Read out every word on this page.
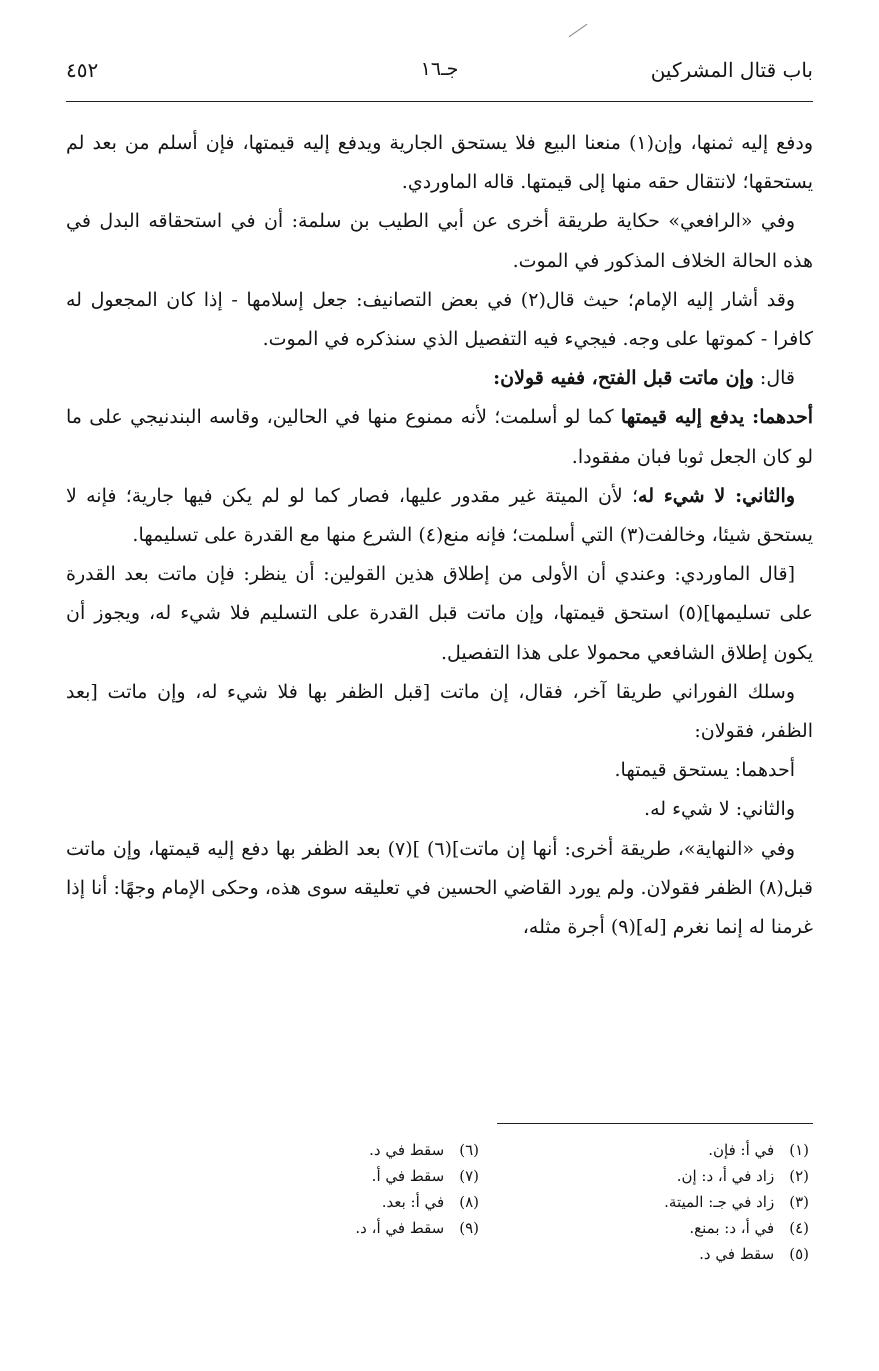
باب قتال المشركين
جـ١٦
٤٥٢

ودفع إليه ثمنها، وإن(١) منعنا البيع فلا يستحق الجارية ويدفع إليه قيمتها، فإن أسلم من بعد لم يستحقها؛ لانتقال حقه منها إلى قيمتها. قاله الماوردي.

وفي «الرافعي» حكاية طريقة أخرى عن أبي الطيب بن سلمة: أن في استحقاقه البدل في هذه الحالة الخلاف المذكور في الموت.

وقد أشار إليه الإمام؛ حيث قال(٢) في بعض التصانيف: جعل إسلامها - إذا كان المجعول له كافرا - كموتها على وجه. فيجيء فيه التفصيل الذي سنذكره في الموت.

قال: وإن ماتت قبل الفتح، ففيه قولان:

أحدهما: يدفع إليه قيمتها كما لو أسلمت؛ لأنه ممنوع منها في الحالين، وقاسه البندنيجي على ما لو كان الجعل ثوبا فبان مفقودا.

والثاني: لا شيء له؛ لأن الميتة غير مقدور عليها، فصار كما لو لم يكن فيها جارية؛ فإنه لا يستحق شيئا، وخالفت(٣) التي أسلمت؛ فإنه منع(٤) الشرع منها مع القدرة على تسليمها.

[قال الماوردي: وعندي أن الأولى من إطلاق هذين القولين: أن ينظر: فإن ماتت بعد القدرة على تسليمها](٥) استحق قيمتها، وإن ماتت قبل القدرة على التسليم فلا شيء له، ويجوز أن يكون إطلاق الشافعي محمولا على هذا التفصيل.

وسلك الفوراني طريقا آخر، فقال، إن ماتت [قبل الظفر بها فلا شيء له، وإن ماتت [بعد الظفر، فقولان:

أحدهما: يستحق قيمتها.

والثاني: لا شيء له.

وفي «النهاية»، طريقة أخرى: أنها إن ماتت](٦) ](٧) بعد الظفر بها دفع إليه قيمتها، وإن ماتت قبل(٨) الظفر فقولان. ولم يورد القاضي الحسين في تعليقه سوى هذه، وحكى الإمام وجهًا: أنا إذا غرمنا له إنما نغرم [له](٩) أجرة مثله،

(١) في أ: فإن.
(٢) زاد في أ، د: إن.
(٣) زاد في جـ: الميتة.
(٤) في أ، د: بمنع.
(٥) سقط في د.
(٦) سقط في د.
(٧) سقط في أ.
(٨) في أ: بعد.
(٩) سقط في أ، د.
